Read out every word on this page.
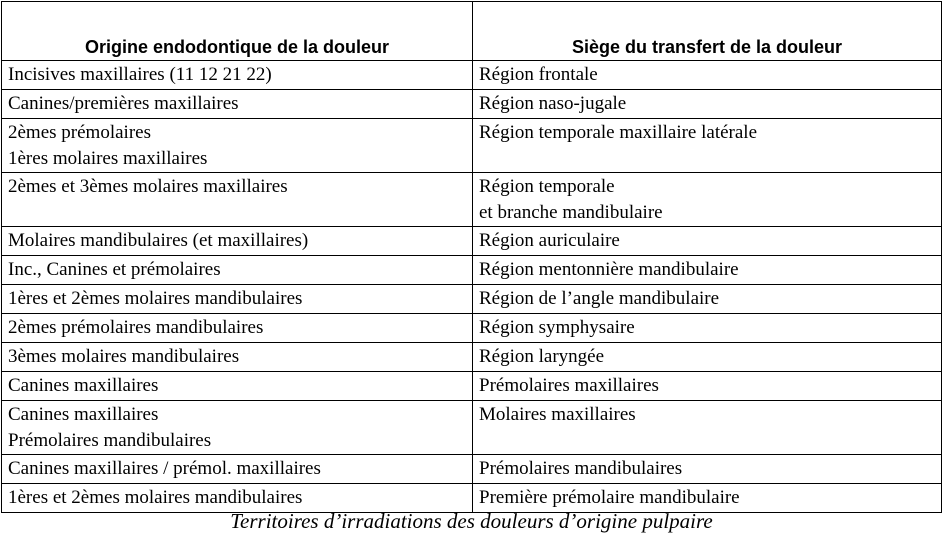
Origine endodontique de la douleur	Siège du transfert de la douleur

Incisives maxillaires (11 12 21 22)	Région frontale

Canines/premières maxillaires	Région naso-jugale

2èmes prémolaires
1ères molaires maxillaires	Région temporale maxillaire latérale

2èmes et 3èmes molaires maxillaires	Région temporale
et branche mandibulaire

Molaires mandibulaires (et maxillaires)	Région auriculaire

Inc., Canines et prémolaires	Région mentonnière mandibulaire

1ères et 2èmes molaires mandibulaires	Région de l’angle mandibulaire

2èmes prémolaires mandibulaires	Région symphysaire

3èmes molaires mandibulaires	Région laryngée

Canines maxillaires	Prémolaires maxillaires

Canines maxillaires
Prémolaires mandibulaires	Molaires maxillaires

Canines maxillaires / prémol. maxillaires	Prémolaires mandibulaires

1ères et 2èmes molaires mandibulaires	Première prémolaire mandibulaire
Territoires d’irradiations des douleurs d’origine pulpaire
